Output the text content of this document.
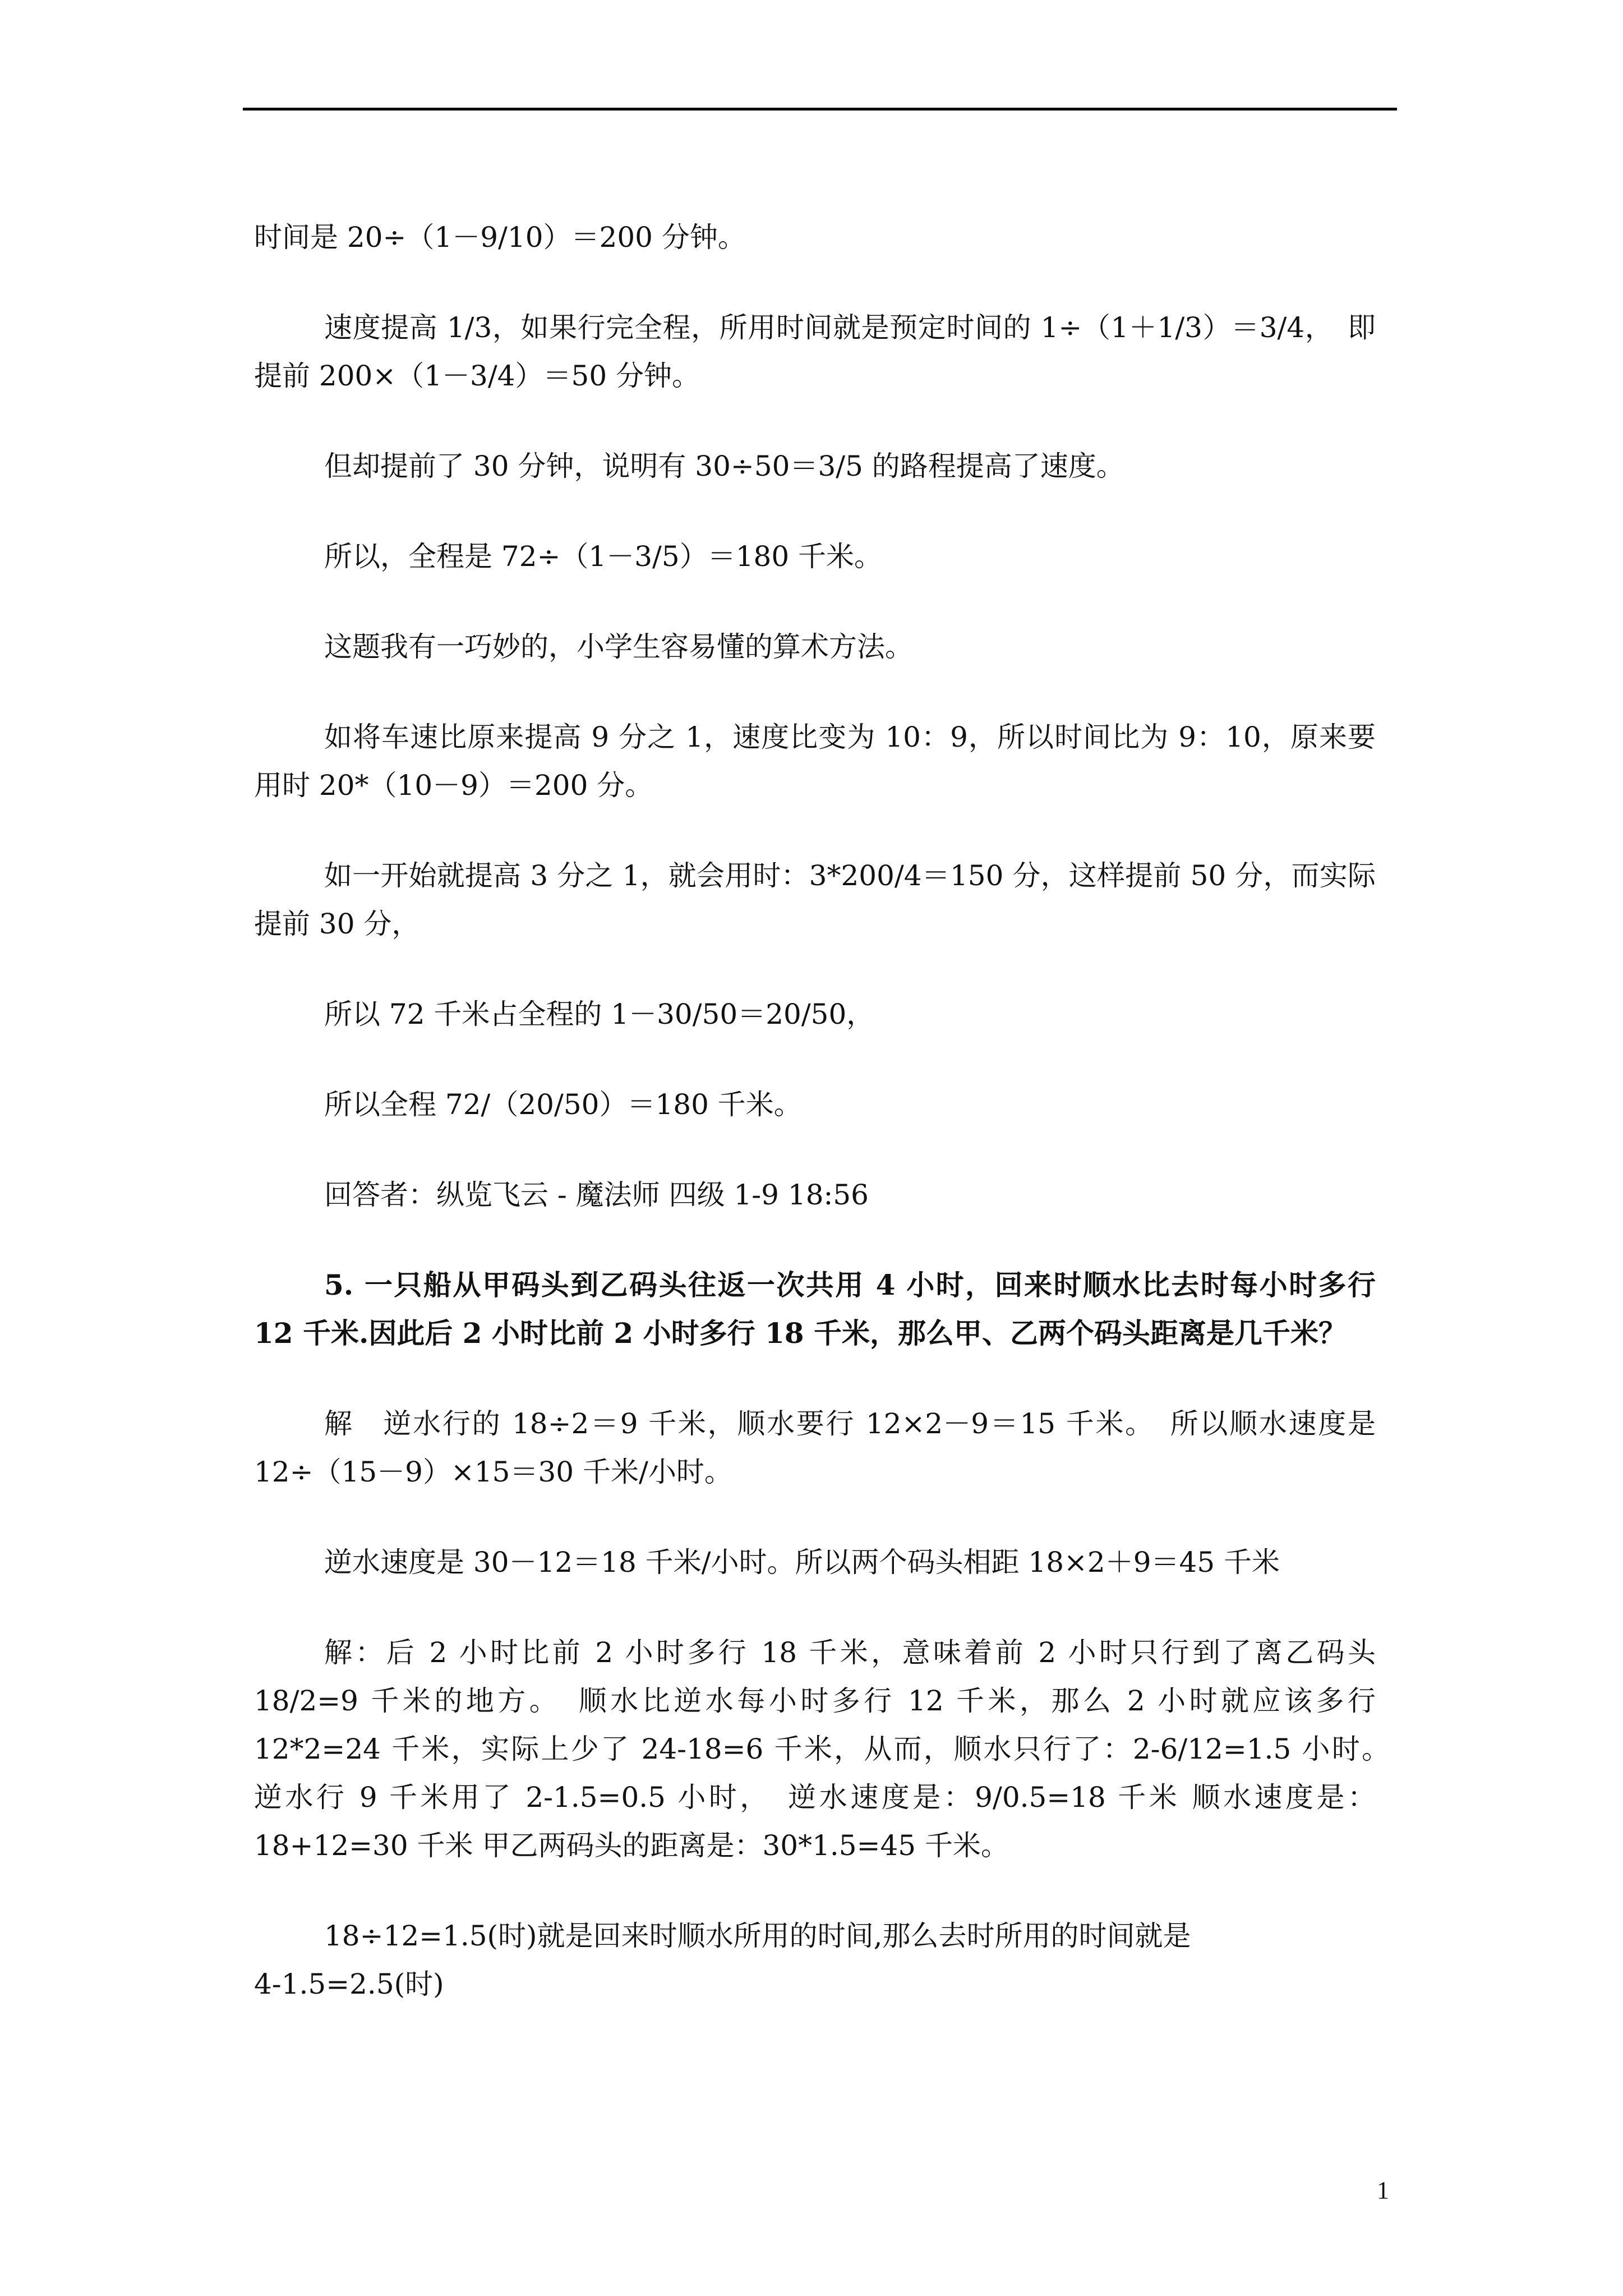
时间是 20÷（1－9/10）＝200 分钟。

速度提高 1/3，如果行完全程，所用时间就是预定时间的 1÷（1＋1/3）＝3/4，　即提前 200×（1－3/4）＝50 分钟。

但却提前了 30 分钟，说明有 30÷50＝3/5 的路程提高了速度。

所以，全程是 72÷（1－3/5）＝180 千米。

这题我有一巧妙的，小学生容易懂的算术方法。

如将车速比原来提高 9 分之 1，速度比变为 10：9，所以时间比为 9：10，原来要用时 20*（10－9）＝200 分。

如一开始就提高 3 分之 1，就会用时：3*200/4＝150 分，这样提前 50 分，而实际提前 30 分，

所以 72 千米占全程的 1－30/50＝20/50，

所以全程 72/（20/50）＝180 千米。

回答者：纵览飞云 - 魔法师 四级 1-9 18:56

5. 一只船从甲码头到乙码头往返一次共用 4 小时，回来时顺水比去时每小时多行 12 千米.因此后 2 小时比前 2 小时多行 18 千米，那么甲、乙两个码头距离是几千米？

解　逆水行的 18÷2＝9 千米，顺水要行 12×2－9＝15 千米。　所以顺水速度是 12÷（15－9）×15＝30 千米/小时。

逆水速度是 30－12＝18 千米/小时。所以两个码头相距 18×2＋9＝45 千米

解：后 2 小时比前 2 小时多行 18 千米，意味着前 2 小时只行到了离乙码头 18/2=9 千米的地方。　顺水比逆水每小时多行 12 千米，那么 2 小时就应该多行　12*2=24 千米，实际上少了 24-18=6 千米，从而，顺水只行了：2-6/12=1.5 小时。　逆水行 9 千米用了 2-1.5=0.5 小时，　逆水速度是：9/0.5=18 千米 顺水速度是：18+12=30 千米 甲乙两码头的距离是：30*1.5=45 千米。

18÷12=1.5(时)就是回来时顺水所用的时间,那么去时所用的时间就是
4-1.5=2.5(时)

1
